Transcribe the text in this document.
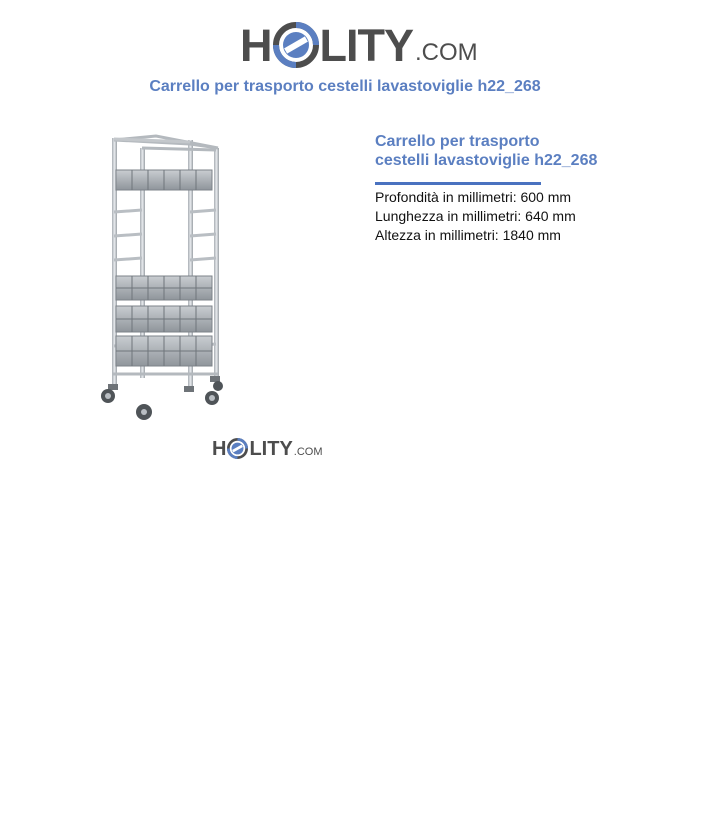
H LITY .COM
Carrello per trasporto cestelli lavastoviglie h22_268
H LITY .COM
Carrello per trasporto
cestelli lavastoviglie h22_268
Profondità in millimetri: 600 mm
Lunghezza in millimetri: 640 mm
Altezza in millimetri: 1840 mm
